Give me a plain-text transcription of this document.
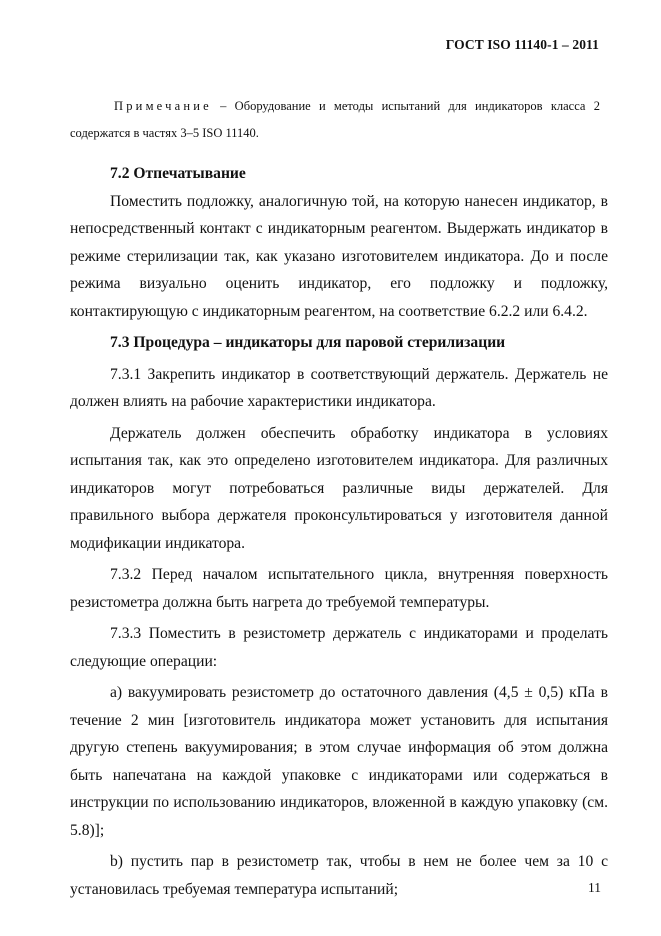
ГОСТ ISO 11140-1 – 2011
Примечание – Оборудование и методы испытаний для индикаторов класса 2
содержатся в частях 3–5 ISO 11140.

7.2 Отпечатывание

Поместить подложку, аналогичную той, на которую нанесен индикатор, в непосредственный контакт с индикаторным реагентом. Выдержать индикатор в режиме стерилизации так, как указано изготовителем индикатора. До и после режима визуально оценить индикатор, его подложку и подложку, контактирующую с индикаторным реагентом, на соответствие 6.2.2 или 6.4.2.

7.3 Процедура – индикаторы для паровой стерилизации

7.3.1 Закрепить индикатор в соответствующий держатель. Держатель не должен влиять на рабочие характеристики индикатора.

Держатель должен обеспечить обработку индикатора в условиях испытания так, как это определено изготовителем индикатора. Для различных индикаторов могут потребоваться различные виды держателей. Для правильного выбора держателя проконсультироваться у изготовителя данной модификации индикатора.

7.3.2 Перед началом испытательного цикла, внутренняя поверхность резистометра должна быть нагрета до требуемой температуры.

7.3.3 Поместить в резистометр держатель с индикаторами и проделать следующие операции:

а) вакуумировать резистометр до остаточного давления (4,5 ± 0,5) кПа в течение 2 мин [изготовитель индикатора может установить для испытания другую степень вакуумирования; в этом случае информация об этом должна быть напечатана на каждой упаковке с индикаторами или содержаться в инструкции по использованию индикаторов, вложенной в каждую упаковку (см. 5.8)];

b) пустить пар в резистометр так, чтобы в нем не более чем за 10 с установилась требуемая температура испытаний;	11
